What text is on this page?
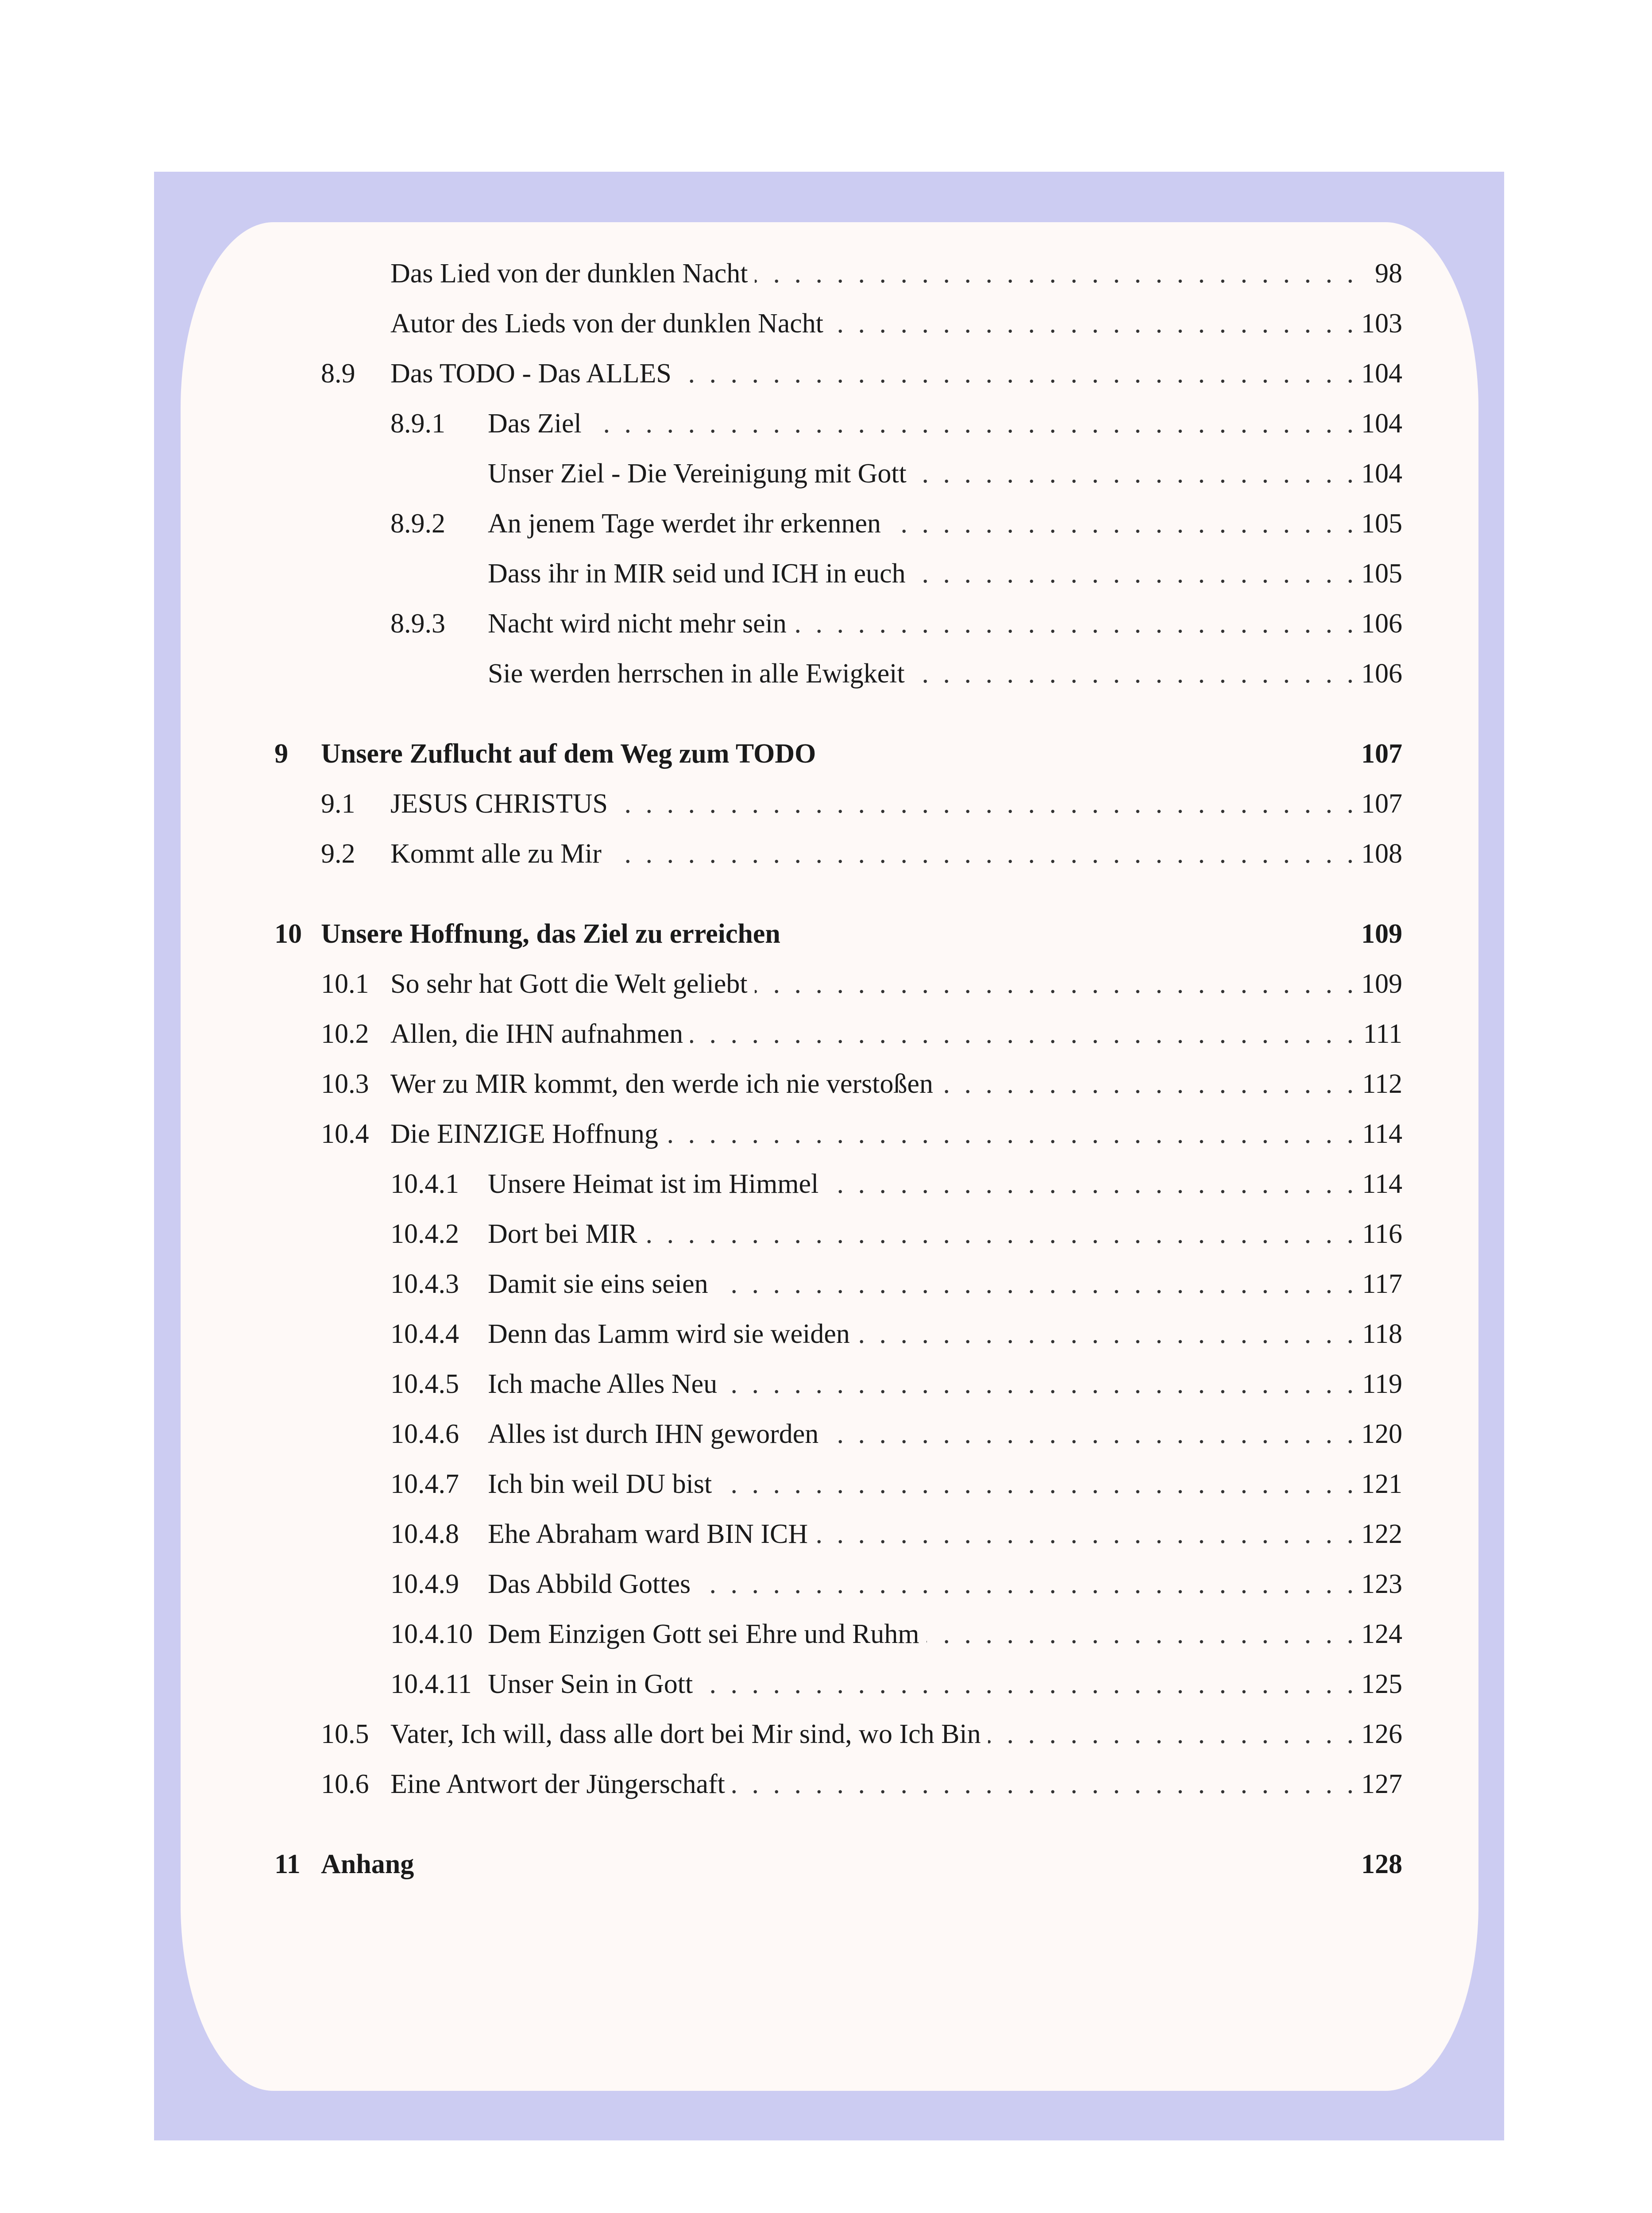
Das Lied von der dunklen Nacht . . .	98
Autor des Lieds von der dunklen Nacht . . .	103
8.9	Das TODO - Das ALLES . . .	104
8.9.1	Das Ziel . . .	104
Unser Ziel - Die Vereinigung mit Gott . . .	104
8.9.2	An jenem Tage werdet ihr erkennen . . .	105
Dass ihr in MIR seid und ICH in euch . . .	105
8.9.3	Nacht wird nicht mehr sein . . .	106
Sie werden herrschen in alle Ewigkeit . . .	106
9	Unsere Zuflucht auf dem Weg zum TODO	107
9.1	JESUS CHRISTUS . . .	107
9.2	Kommt alle zu Mir . . .	108
10 Unsere Hoffnung, das Ziel zu erreichen	109
10.1 So sehr hat Gott die Welt geliebt . . .	109
10.2 Allen, die IHN aufnahmen . . .	111
10.3 Wer zu MIR kommt, den werde ich nie verstoßen . . .	112
10.4 Die EINZIGE Hoffnung . . .	114
10.4.1	Unsere Heimat ist im Himmel . . .	114
10.4.2	Dort bei MIR . . .	116
10.4.3	Damit sie eins seien . . .	117
10.4.4	Denn das Lamm wird sie weiden . . .	118
10.4.5	Ich mache Alles Neu . . .	119
10.4.6	Alles ist durch IHN geworden . . .	120
10.4.7	Ich bin weil DU bist . . .	121
10.4.8	Ehe Abraham ward BIN ICH . . .	122
10.4.9	Das Abbild Gottes . . .	123
10.4.10 Dem Einzigen Gott sei Ehre und Ruhm . . .	124
10.4.11 Unser Sein in Gott . . .	125
10.5 Vater, Ich will, dass alle dort bei Mir sind, wo Ich Bin . . .	126
10.6 Eine Antwort der Jüngerschaft . . .	127
11 Anhang	128
